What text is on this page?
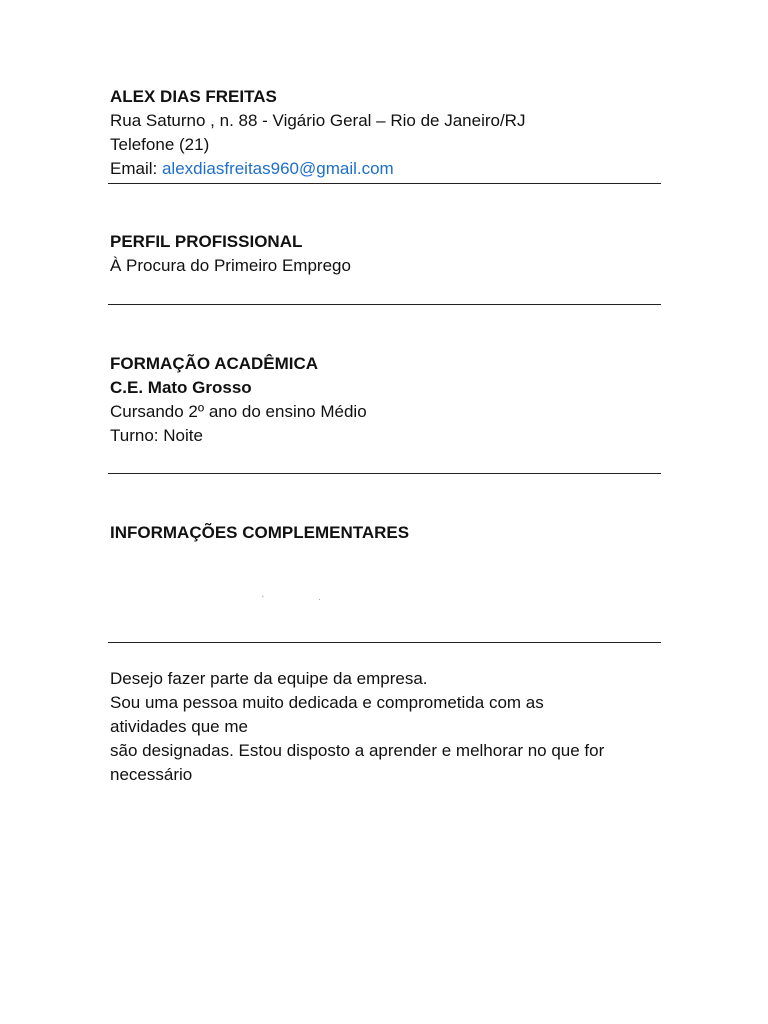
ALEX DIAS FREITAS

Rua Saturno , n. 88 - Vigário Geral – Rio de Janeiro/RJ

Telefone (21)

Email: alexdiasfreitas960@gmail.com

PERFIL PROFISSIONAL

À Procura do Primeiro Emprego

FORMAÇÃO ACADÊMICA

C.E. Mato Grosso

Cursando 2º ano do ensino Médio

Turno: Noite

INFORMAÇÕES COMPLEMENTARES

'	·

Desejo fazer parte da equipe da empresa.

Sou uma pessoa muito dedicada e comprometida com as

atividades que me

são designadas. Estou disposto a aprender e melhorar no que for

necessário
